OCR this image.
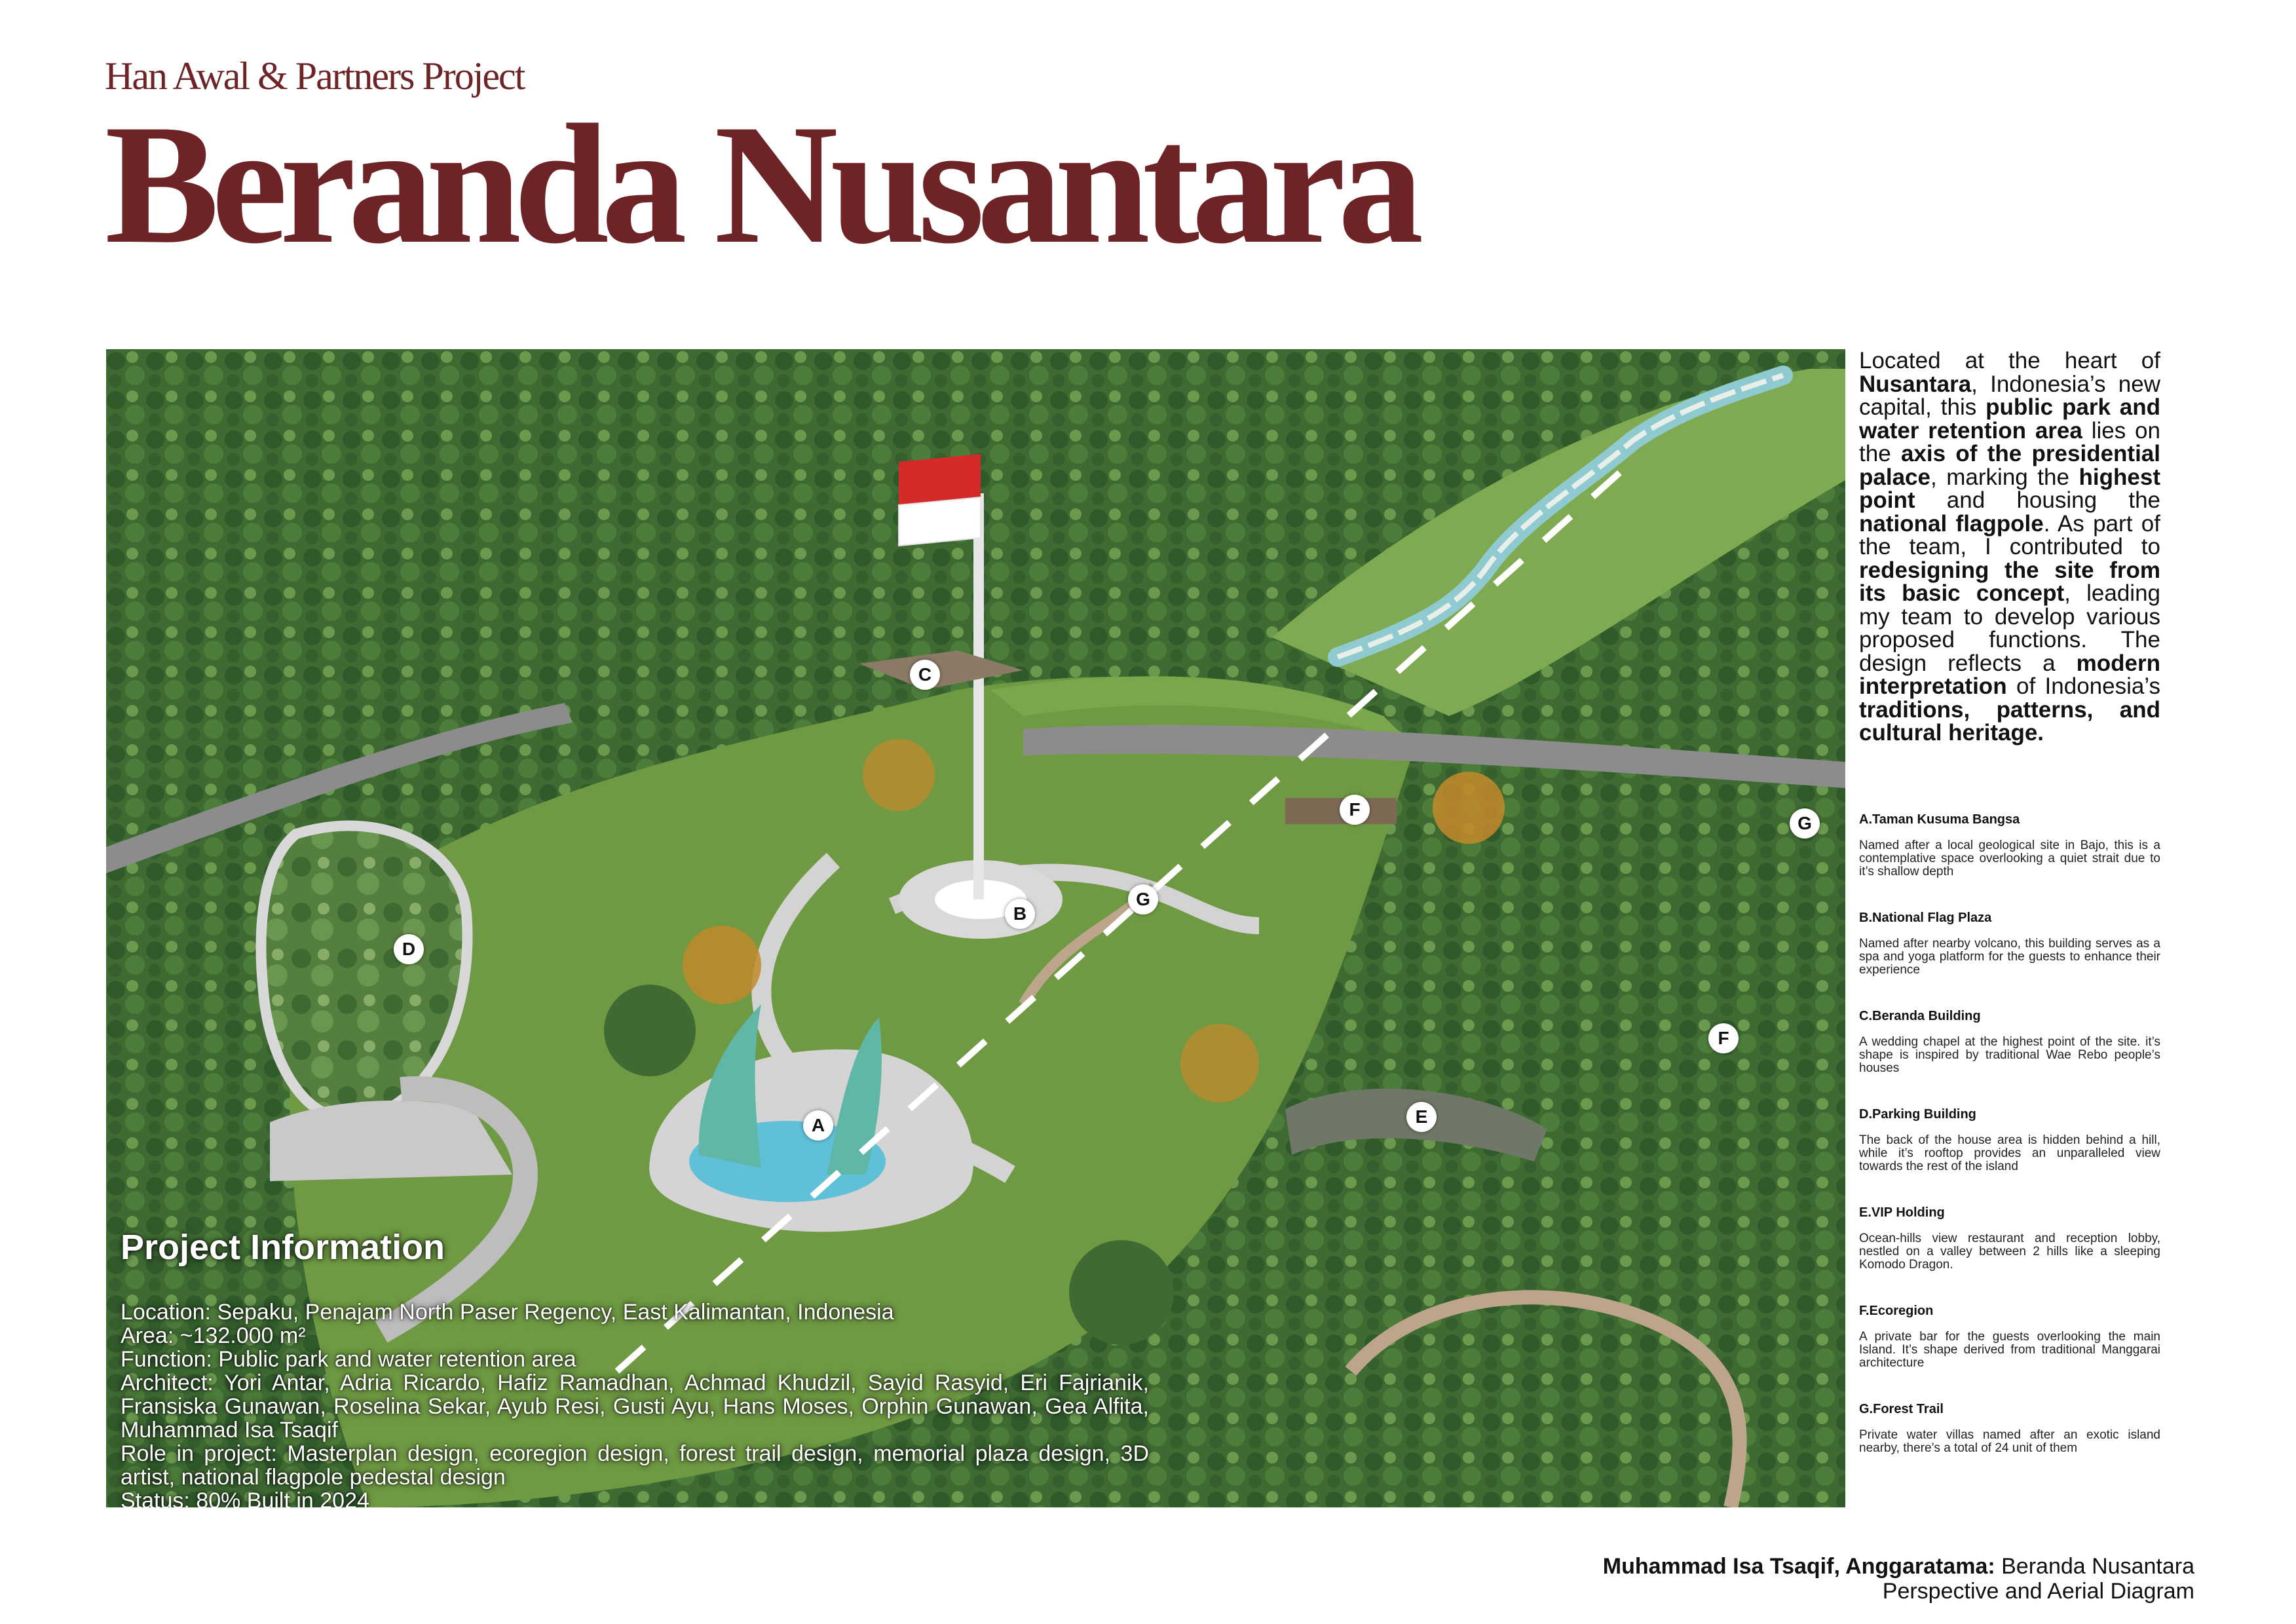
Han Awal & Partners Project

Beranda Nusantara
C
B
G
F
G
D
A	E
F
Project Information

Location: Sepaku, Penajam North Paser Regency, East Kalimantan, Indonesia

Area: ~132.000 m²

Function: Public park and water retention area

Architect: Yori Antar, Adria Ricardo, Hafiz Ramadhan, Achmad Khudzil, Sayid Rasyid, Eri Fajrianik, Fransiska Gunawan, Roselina Sekar, Ayub Resi, Gusti Ayu, Hans Moses, Orphin Gunawan, Gea Alfita, Muhammad Isa Tsaqif

Role in project: Masterplan design, ecoregion design, forest trail design, memorial plaza design, 3D artist, national flagpole pedestal design

Status: 80% Built in 2024

Located at the heart of Nusantara, Indonesia’s new capital, this public park and water retention area lies on the axis of the presidential palace, marking the highest point and housing the national flagpole. As part of the team, I contributed to redesigning the site from its basic concept, leading my team to develop various proposed functions. The design reflects a modern interpretation of Indonesia’s traditions, patterns, and cultural heritage.

A.Taman Kusuma Bangsa

Named after a local geological site in Bajo, this is a contemplative space overlooking a quiet strait due to it’s shallow depth

B.National Flag Plaza

Named after nearby volcano, this building serves as a spa and yoga platform for the guests to enhance their experience

C.Beranda Building

A wedding chapel at the highest point of the site. it’s shape is inspired by traditional Wae Rebo people’s houses

D.Parking Building

The back of the house area is hidden behind a hill, while it’s rooftop provides an unparalleled view towards the rest of the island

E.VIP Holding

Ocean-hills view restaurant and reception lobby, nestled on a valley between 2 hills like a sleeping Komodo Dragon.

F.Ecoregion

A private bar for the guests overlooking the main Island. It’s shape derived from traditional Manggarai architecture

G.Forest Trail

Private water villas named after an exotic island nearby, there’s a total of 24 unit of them

Muhammad Isa Tsaqif, Anggaratama: Beranda Nusantara
Perspective and Aerial Diagram
